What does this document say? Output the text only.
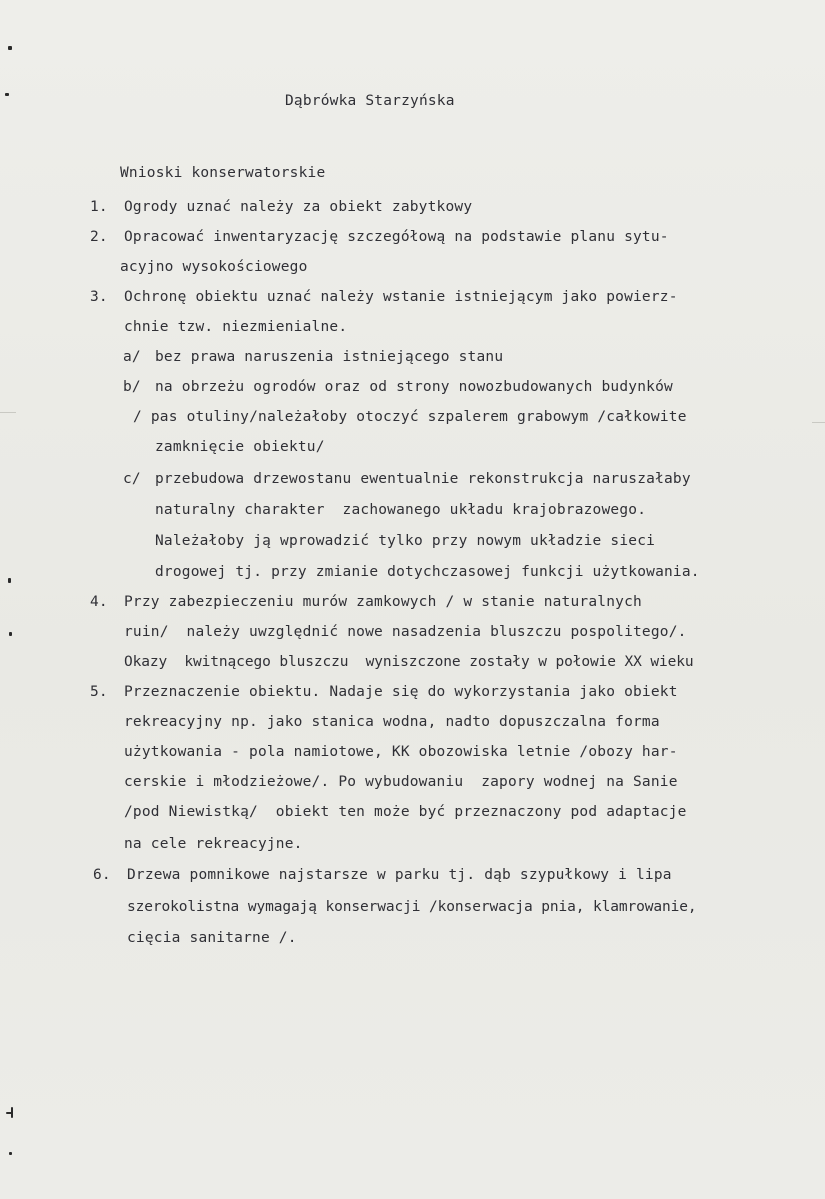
Dąbrówka Starzyńska
Wnioski konserwatorskie
1. Ogrody uznać należy za obiekt zabytkowy
2. Opracować inwentaryzację szczegółową na podstawie planu sytu-
acyjno wysokościowego
3. Ochronę obiektu uznać należy wstanie istniejącym jako powierz-
chnie tzw. niezmienialne.
a/ bez prawa naruszenia istniejącego stanu
b/ na obrzeżu ogrodów oraz od strony nowozbudowanych budynków
/ pas otuliny/należałoby otoczyć szpalerem grabowym /całkowite
zamknięcie obiektu/
c/ przebudowa drzewostanu ewentualnie rekonstrukcja naruszałaby
naturalny charakter  zachowanego układu krajobrazowego.
Należałoby ją wprowadzić tylko przy nowym układzie sieci
drogowej tj. przy zmianie dotychczasowej funkcji użytkowania.
4. Przy zabezpieczeniu murów zamkowych / w stanie naturalnych
ruin/  należy uwzględnić nowe nasadzenia bluszczu pospolitego/.
Okazy  kwitnącego bluszczu  wyniszczone zostały w połowie XX wieku
5. Przeznaczenie obiektu. Nadaje się do wykorzystania jako obiekt
rekreacyjny np. jako stanica wodna, nadto dopuszczalna forma
użytkowania - pola namiotowe, KK obozowiska letnie /obozy har-
cerskie i młodzieżowe/. Po wybudowaniu  zapory wodnej na Sanie
/pod Niewistką/  obiekt ten może być przeznaczony pod adaptacje
na cele rekreacyjne.
6. Drzewa pomnikowe najstarsze w parku tj. dąb szypułkowy i lipa
szerokolistna wymagają konserwacji /konserwacja pnia, klamrowanie,
cięcia sanitarne /.
